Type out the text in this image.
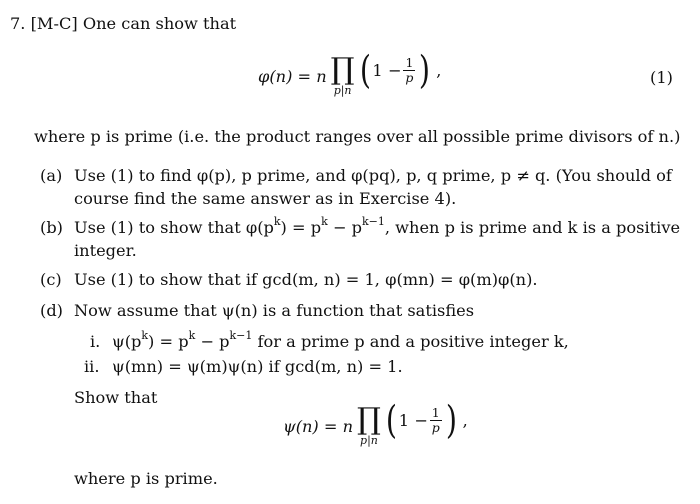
7. [M-C] One can show that
φ(n) = n ∏
p|n ( $1 - \frac{1}{p}$ ) ,	(1)
where p is prime (i.e. the product ranges over all possible prime divisors of n.)
(a) Use (1) to find φ(p), p prime, and φ(pq), p, q prime, p ≠ q. (You should of
course find the same answer as in Exercise 4).
(b) Use (1) to show that $\varphi(p^k) = p^k - p^{k-1}$, when p is prime and k is a positive
integer.
(c) Use (1) to show that if gcd(m, n) = 1, φ(mn) = φ(m)φ(n).
(d) Now assume that ψ(n) is a function that satisfies
i. $\psi(p^k) = p^k - p^{k-1}$ for a prime p and a positive integer k,
ii. ψ(mn) = ψ(m)ψ(n) if gcd(m, n) = 1.
Show that
ψ(n) = n ∏
p|n ( $1 - \frac{1}{p}$ ) ,
where p is prime.
